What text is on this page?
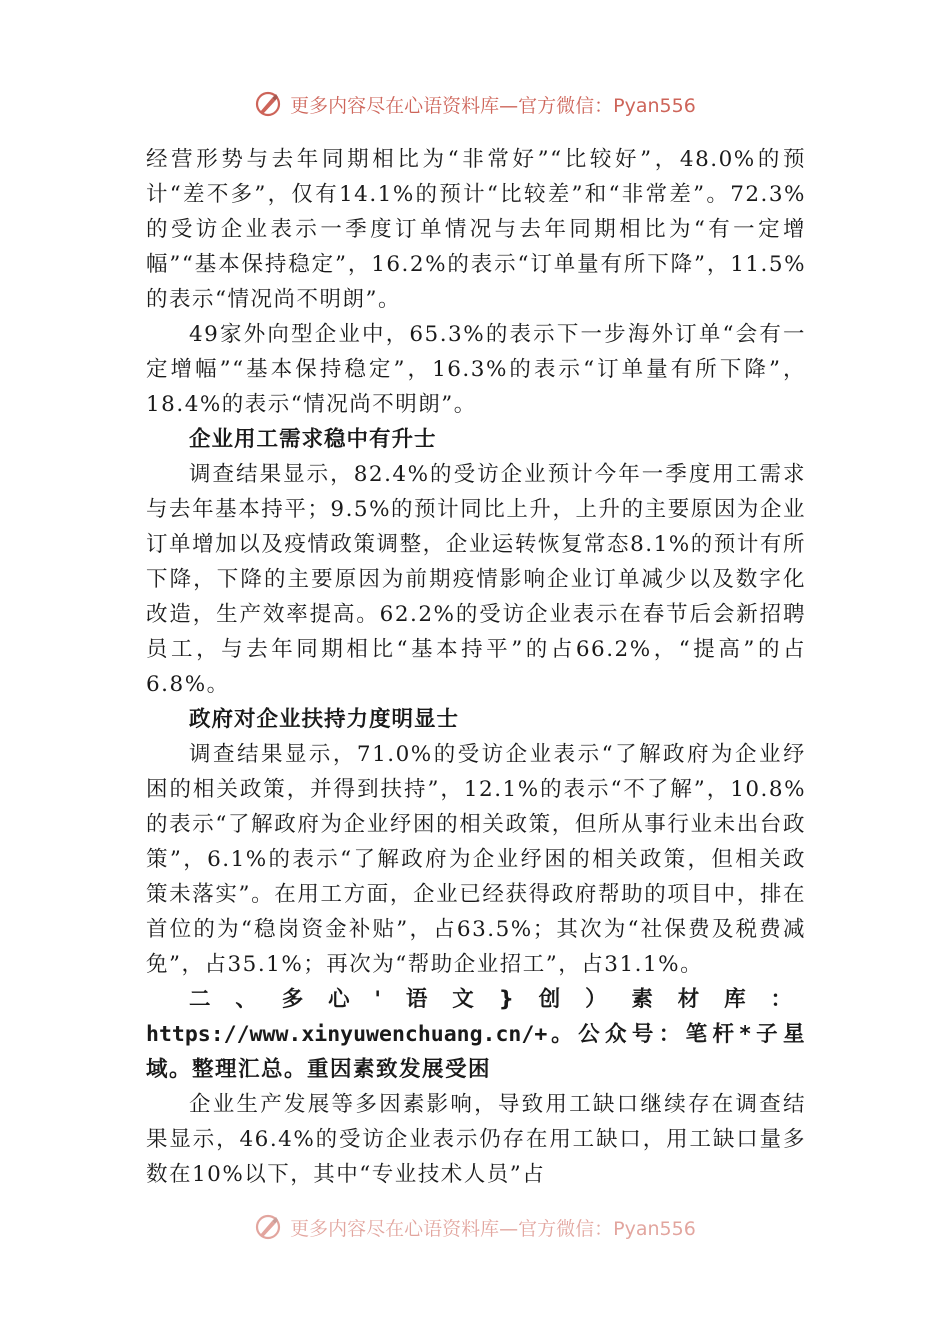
更多内容尽在心语资料库—官方微信：Pyan556

经营形势与去年同期相比为“非常好”“比较好”，48.0%的预计“差不多”，仅有14.1%的预计“比较差”和“非常差”。72.3%的受访企业表示一季度订单情况与去年同期相比为“有一定增幅”“基本保持稳定”，16.2%的表示“订单量有所下降”，11.5%的表示“情况尚不明朗”。

49家外向型企业中，65.3%的表示下一步海外订单“会有一定增幅”“基本保持稳定”，16.3%的表示“订单量有所下降”，18.4%的表示“情况尚不明朗”。

企业用工需求稳中有升士

调查结果显示，82.4%的受访企业预计今年一季度用工需求与去年基本持平；9.5%的预计同比上升，上升的主要原因为企业订单增加以及疫情政策调整，企业运转恢复常态8.1%的预计有所下降，下降的主要原因为前期疫情影响企业订单减少以及数字化改造，生产效率提高。62.2%的受访企业表示在春节后会新招聘员工，与去年同期相比“基本持平”的占66.2%，“提高”的占6.8%。

政府对企业扶持力度明显士

调查结果显示，71.0%的受访企业表示“了解政府为企业纾困的相关政策，并得到扶持”，12.1%的表示“不了解”，10.8%的表示“了解政府为企业纾困的相关政策，但所从事行业未出台政策”，6.1%的表示“了解政府为企业纾困的相关政策，但相关政策未落实”。在用工方面，企业已经获得政府帮助的项目中，排在首位的为“稳岗资金补贴”，占63.5%；其次为“社保费及税费减免”，占35.1%；再次为“帮助企业招工”，占31.1%。

二、多心'语文}创）素材库：https://www.xinyuwenchuang.cn/+。公众号：笔杆*子星域。整理汇总。重因素致发展受困

企业生产发展等多因素影响，导致用工缺口继续存在调查结果显示，46.4%的受访企业表示仍存在用工缺口，用工缺口量多数在10%以下，其中“专业技术人员”占

更多内容尽在心语资料库—官方微信：Pyan556
